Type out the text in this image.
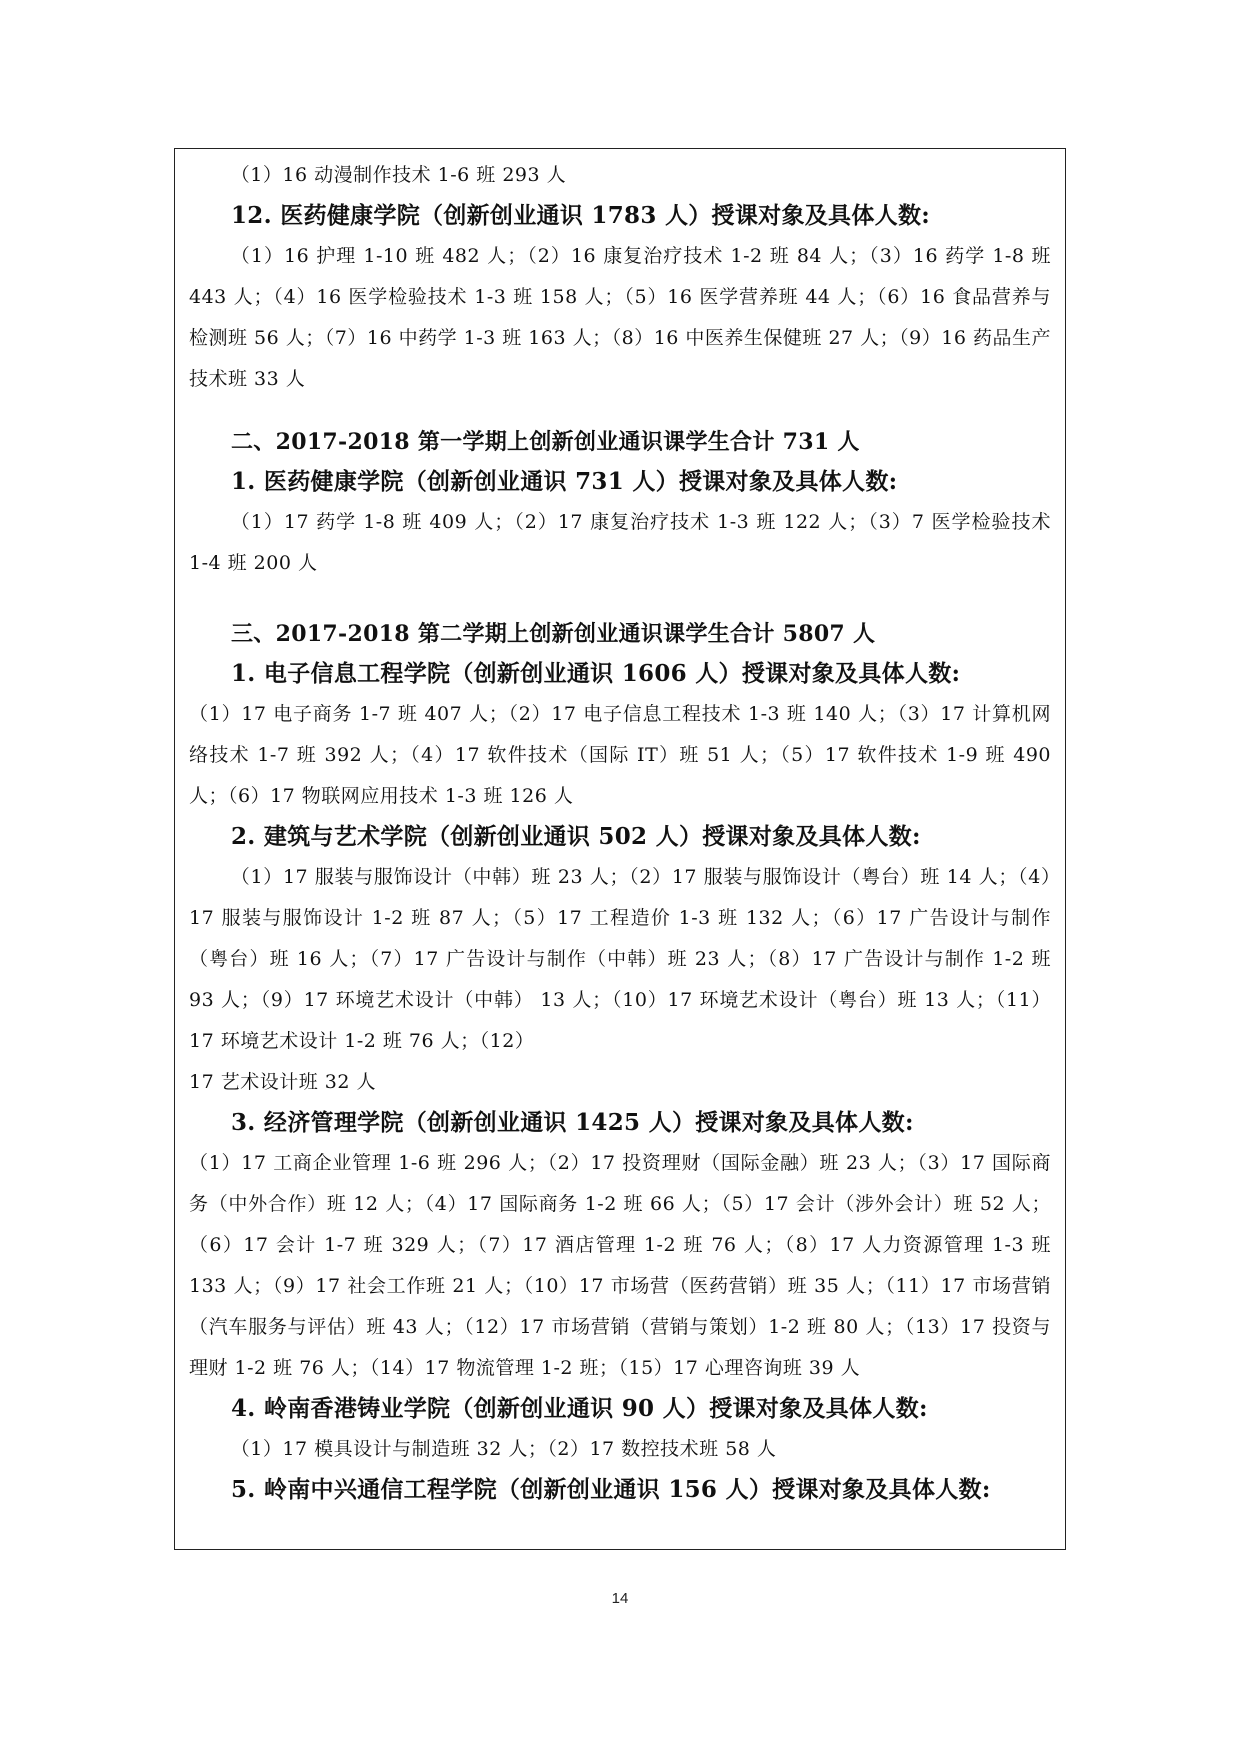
（1）16 动漫制作技术 1-6 班 293 人

12. 医药健康学院（创新创业通识 1783 人）授课对象及具体人数:

（1）16 护理 1-10 班 482 人；（2）16 康复治疗技术 1-2 班 84 人；（3）16 药学 1-8 班 443 人；（4）16 医学检验技术 1-3 班 158 人；（5）16 医学营养班 44 人；（6）16 食品营养与检测班 56 人；（7）16 中药学 1-3 班 163 人；（8）16 中医养生保健班 27 人；（9）16 药品生产技术班 33 人

二、2017-2018 第一学期上创新创业通识课学生合计 731 人

1. 医药健康学院（创新创业通识 731 人）授课对象及具体人数:

（1）17 药学 1-8 班 409 人；（2）17 康复治疗技术 1-3 班 122 人；（3）7 医学检验技术 1-4 班 200 人

三、2017-2018 第二学期上创新创业通识课学生合计 5807 人

1. 电子信息工程学院（创新创业通识 1606 人）授课对象及具体人数:

（1）17 电子商务 1-7 班 407 人；（2）17 电子信息工程技术 1-3 班 140 人；（3）17 计算机网络技术 1-7 班 392 人；（4）17 软件技术（国际 IT）班 51 人；（5）17 软件技术 1-9 班 490 人；（6）17 物联网应用技术 1-3 班 126 人

2. 建筑与艺术学院（创新创业通识 502 人）授课对象及具体人数:

（1）17 服装与服饰设计（中韩）班 23 人；（2）17 服装与服饰设计（粤台）班 14 人；（4）17 服装与服饰设计 1-2 班 87 人；（5）17 工程造价 1-3 班 132 人；（6）17 广告设计与制作（粤台）班 16 人；（7）17 广告设计与制作（中韩）班 23 人；（8）17 广告设计与制作 1-2 班 93 人；（9）17 环境艺术设计（中韩） 13 人；（10）17 环境艺术设计（粤台）班 13 人；（11）17 环境艺术设计 1-2 班 76 人；（12）

17 艺术设计班 32 人

3. 经济管理学院（创新创业通识 1425 人）授课对象及具体人数:

（1）17 工商企业管理 1-6 班 296 人；（2）17 投资理财（国际金融）班 23 人；（3）17 国际商务（中外合作）班 12 人；（4）17 国际商务 1-2 班 66 人；（5）17 会计（涉外会计）班 52 人；（6）17 会计 1-7 班 329 人；（7）17 酒店管理 1-2 班 76 人；（8）17 人力资源管理 1-3 班 133 人；（9）17 社会工作班 21 人；（10）17 市场营（医药营销）班 35 人；（11）17 市场营销（汽车服务与评估）班 43 人；（12）17 市场营销（营销与策划）1-2 班 80 人；（13）17 投资与理财 1-2 班 76 人；（14）17 物流管理 1-2 班；（15）17 心理咨询班 39 人

4. 岭南香港铸业学院（创新创业通识 90 人）授课对象及具体人数:

（1）17 模具设计与制造班 32 人；（2）17 数控技术班 58 人

5. 岭南中兴通信工程学院（创新创业通识 156 人）授课对象及具体人数:

14
